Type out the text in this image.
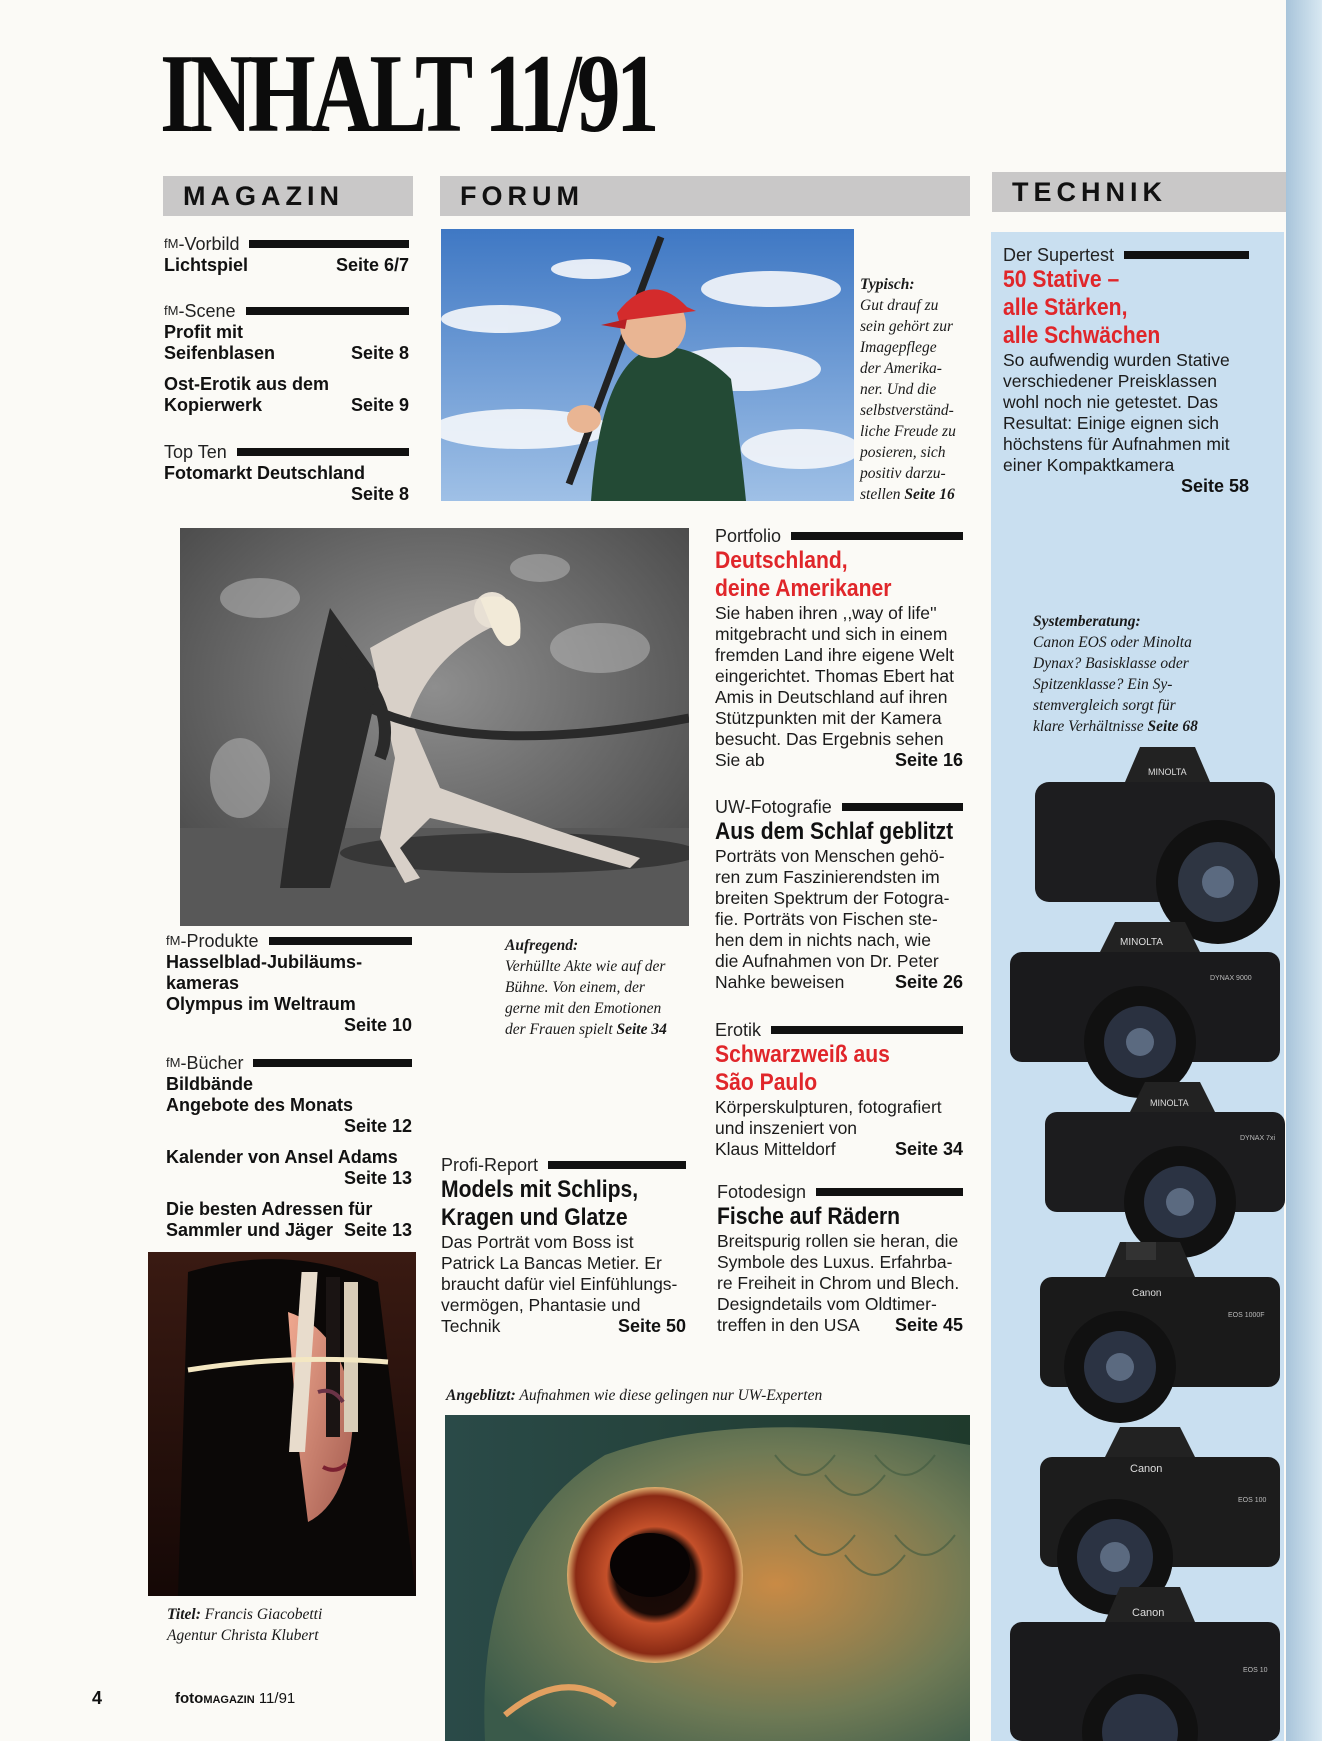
INHALT 11/91
MAGAZIN	FORUM	TECHNIK
fM -Vorbild
Lichtspiel	Seite 6/7
fM -Scene
Profit mit
Seifenblasen	Seite 8
Ost-Erotik aus dem
Kopierwerk	Seite 9
Top Ten
Fotomarkt Deutschland
Seite 8
fM -Produkte
Hasselblad-Jubiläums-
kameras
Olympus im Weltraum
Seite 10
fM -Bücher
Bildbände
Angebote des Monats
Seite 12
Kalender von Ansel Adams
Seite 13
Die besten Adressen für
Sammler und Jäger Seite 13
Titel: Francis Giacobetti
Agentur Christa Klubert
Typisch:
Gut drauf zu
sein gehört zur
Imagepflege
der Amerika-
ner. Und die
selbstverständ-
liche Freude zu
posieren, sich
positiv darzu-
stellen Seite 16
Aufregend:
Verhüllte Akte wie auf der
Bühne. Von einem, der
gerne mit den Emotionen
der Frauen spielt Seite 34
Portfolio
Deutschland,
deine Amerikaner
Sie haben ihren ,,way of life''
mitgebracht und sich in einem
fremden Land ihre eigene Welt
eingerichtet. Thomas Ebert hat
Amis in Deutschland auf ihren
Stützpunkten mit der Kamera
besucht. Das Ergebnis sehen
Sie ab	Seite 16
UW-Fotografie
Aus dem Schlaf geblitzt
Porträts von Menschen gehö-
ren zum Faszinierendsten im
breiten Spektrum der Fotogra-
fie. Porträts von Fischen ste-
hen dem in nichts nach, wie
die Aufnahmen von Dr. Peter
Nahke beweisen	Seite 26
Erotik
Schwarzweiß aus
São Paulo
Körperskulpturen, fotografiert
und inszeniert von
Klaus Mitteldorf	Seite 34
Profi-Report
Models mit Schlips,
Kragen und Glatze
Das Porträt vom Boss ist
Patrick La Bancas Metier. Er
braucht dafür viel Einfühlungs-
vermögen, Phantasie und
Technik	Seite 50
Fotodesign
Fische auf Rädern
Breitspurig rollen sie heran, die
Symbole des Luxus. Erfahrba-
re Freiheit in Chrom und Blech.
Designdetails vom Oldtimer-
treffen in den USA Seite 45
Angeblitzt: Aufnahmen wie diese gelingen nur UW-Experten
Der Supertest
50 Stative –
alle Stärken,
alle Schwächen
So aufwendig wurden Stative
verschiedener Preisklassen
wohl noch nie getestet. Das
Resultat: Einige eignen sich
höchstens für Aufnahmen mit
einer Kompaktkamera
Seite 58
Systemberatung:
Canon EOS oder Minolta
Dynax? Basisklasse oder
Spitzenklasse? Ein Sy-
stemvergleich sorgt für
klare Verhältnisse Seite 68
MINOLTA
MINOLTA
DYNAX 9000
MINOLTA
DYNAX 7xi
Canon
EOS 1000F
Canon
EOS 100
Canon
EOS 10
4	fotoMAGAZIN 11/91
